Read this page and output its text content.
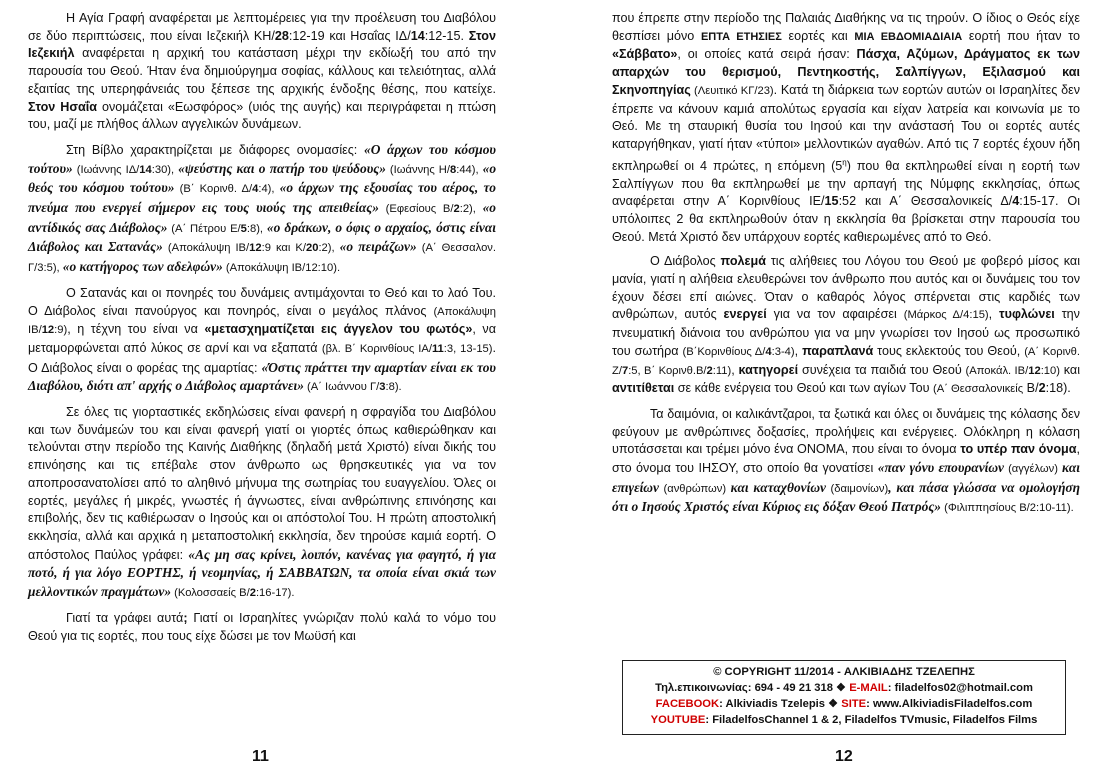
Η Αγία Γραφή αναφέρεται με λεπτομέρειες για την προέλευση του Διαβόλου σε δύο περιπτώσεις, που είναι Ιεζεκιήλ ΚΗ/28:12-19 και Ησαΐας ΙΔ/14:12-15. Στον Ιεζεκιήλ αναφέρεται η αρχική του κατάσταση μέχρι την εκδίωξή του από την παρουσία του Θεού. Ήταν ένα δημιούργημα σοφίας, κάλλους και τελειότητας, αλλά εξαιτίας της υπερηφάνειάς του ξέπεσε της αρχικής ένδοξης θέσης, που κατείχε. Στον Ησαΐα ονομάζεται «Εωσφόρος» (υιός της αυγής) και περιγράφεται η πτώση του, μαζί με πλήθος άλλων αγγελικών δυνάμεων.

Στη Βίβλο χαρακτηρίζεται με διάφορες ονομασίες: «Ο άρχων του κόσμου τούτου» (Ιωάννης ΙΔ/14:30), «ψεύστης και ο πατήρ του ψεύδους» (Ιωάννης Η/8:44), «ο θεός του κόσμου τούτου» (Β΄ Κορινθ. Δ/4:4), «ο άρχων της εξουσίας του αέρος, το πνεύμα που ενεργεί σήμερον εις τους υιούς της απειθείας» (Εφεσίους Β/2:2), «ο αντίδικός σας Διάβολος» (Α΄ Πέτρου Ε/5:8), «ο δράκων, ο όφις ο αρχαίος, όστις είναι Διάβολος και Σατανάς» (Αποκάλυψη ΙΒ/12:9 και Κ/20:2), «ο πειράζων» (Α΄ Θεσσαλον. Γ/3:5), «ο κατήγορος των αδελφών» (Αποκάλυψη ΙΒ/12:10).

Ο Σατανάς και οι πονηρές του δυνάμεις αντιμάχονται το Θεό και το λαό Του. Ο Διάβολος είναι πανούργος και πονηρός, είναι ο μεγάλος πλάνος (Αποκάλυψη ΙΒ/12:9), η τέχνη του είναι να «μετασχηματίζεται εις άγγελον του φωτός», να μεταμορφώνεται από λύκος σε αρνί και να εξαπατά (βλ. Β΄ Κορινθίους ΙΑ/11:3, 13-15). Ο Διάβολος είναι ο φορέας της αμαρτίας: «Όστις πράττει την αμαρτίαν είναι εκ του Διαβόλου, διότι απ' αρχής ο Διάβολος αμαρτάνει» (Α΄ Ιωάννου Γ/3:8).

Σε όλες τις γιορταστικές εκδηλώσεις είναι φανερή η σφραγίδα του Διαβόλου και των δυνάμεών του και είναι φανερή γιατί οι γιορτές όπως καθιερώθηκαν και τελούνται στην περίοδο της Καινής Διαθήκης (δηλαδή μετά Χριστό) είναι δικής του επινόησης και τις επέβαλε στον άνθρωπο ως θρησκευτικές για να τον αποπροσανατολίσει από το αληθινό μήνυμα της σωτηρίας του ευαγγελίου. Όλες οι εορτές, μεγάλες ή μικρές, γνωστές ή άγνωστες, είναι ανθρώπινης επινόησης και επιβολής, δεν τις καθιέρωσαν ο Ιησούς και οι απόστολοί Του. Η πρώτη αποστολική εκκλησία, αλλά και αρχικά η μεταποστολική εκκλησία, δεν τηρούσε καμιά εορτή. Ο απόστολος Παύλος γράφει: «Ας μη σας κρίνει, λοιπόν, κανένας για φαγητό, ή για ποτό, ή για λόγο ΕΟΡΤΗΣ, ή νεομηνίας, ή ΣΑΒΒΑΤΩΝ, τα οποία είναι σκιά των μελλοντικών πραγμάτων» (Κολοσσαείς Β/2:16-17).

Γιατί τα γράφει αυτά; Γιατί οι Ισραηλίτες γνώριζαν πολύ καλά το νόμο του Θεού για τις εορτές, που τους είχε δώσει με τον Μωϋσή και

11

που έπρεπε στην περίοδο της Παλαιάς Διαθήκης να τις τηρούν. Ο ίδιος ο Θεός είχε θεσπίσει μόνο ΕΠΤΑ ΕΤΗΣΙΕΣ εορτές και ΜΙΑ ΕΒΔΟΜΙΑΔΙΑΙΑ εορτή που ήταν το «Σάββατο», οι οποίες κατά σειρά ήσαν: Πάσχα, Αζύμων, Δράγματος εκ των απαρχών του θερισμού, Πεντηκοστής, Σαλπίγγων, Εξιλασμού και Σκηνοπηγίας (Λευιτικό ΚΓ/23). Κατά τη διάρκεια των εορτών αυτών οι Ισραηλίτες δεν έπρεπε να κάνουν καμιά απολύτως εργασία και είχαν λατρεία και κοινωνία με το Θεό. Με τη σταυρική θυσία του Ιησού και την ανάστασή Του οι εορτές αυτές καταργήθηκαν, γιατί ήταν «τύποι» μελλοντικών αγαθών. Από τις 7 εορτές έχουν ήδη εκπληρωθεί οι 4 πρώτες, η επόμενη $(5^\eta)$ που θα εκπληρωθεί είναι η εορτή των Σαλπίγγων που θα εκπληρωθεί με την αρπαγή της Νύμφης εκκλησίας, όπως αναφέρεται στην Α΄ Κορινθίους ΙΕ/15:52 και Α΄ Θεσσαλονικείς Δ/4:15-17. Οι υπόλοιπες 2 θα εκπληρωθούν όταν η εκκλησία θα βρίσκεται στην παρουσία του Θεού. Μετά Χριστό δεν υπάρχουν εορτές καθιερωμένες από το Θεό.

Ο Διάβολος πολεμά τις αλήθειες του Λόγου του Θεού με φοβερό μίσος και μανία, γιατί η αλήθεια ελευθερώνει τον άνθρωπο που αυτός και οι δυνάμεις του τον έχουν δέσει επί αιώνες. Όταν ο καθαρός λόγος σπέρνεται στις καρδιές των ανθρώπων, αυτός ενεργεί για να τον αφαιρέσει (Μάρκος Δ/4:15), τυφλώνει την πνευματική διάνοια του ανθρώπου για να μην γνωρίσει τον Ιησού ως προσωπικό του σωτήρα (Β΄Κορινθίους Δ/4:3-4), παραπλανά τους εκλεκτούς του Θεού, (Α΄ Κορινθ. Ζ/7:5, Β΄ Κορινθ.Β/2:11), κατηγορεί συνέχεια τα παιδιά του Θεού (Αποκάλ. ΙΒ/12:10) και αντιτίθεται σε κάθε ενέργεια του Θεού και των αγίων Του (Α΄ Θεσσαλονικείς Β/2:18).

Τα δαιμόνια, οι καλικάντζαροι, τα ξωτικά και όλες οι δυνάμεις της κόλασης δεν φεύγουν με ανθρώπινες δοξασίες, προλήψεις και ενέργειες. Ολόκληρη η κόλαση υποτάσσεται και τρέμει μόνο ένα ΟΝΟΜΑ, που είναι το όνομα το υπέρ παν όνομα, στο όνομα του ΙΗΣΟΥ, στο οποίο θα γονατίσει «παν γόνυ επουρανίων (αγγέλων) και επιγείων (ανθρώπων) και καταχθονίων (δαιμονίων), και πάσα γλώσσα να ομολογήση ότι ο Ιησούς Χριστός είναι Κύριος εις δόξαν Θεού Πατρός» (Φιλιππησίους Β/2:10-11).

© COPYRIGHT 11/2014 - ΑΛΚΙΒΙΑΔΗΣ ΤΖΕΛΕΠΗΣ
Τηλ.επικοινωνίας: 694 - 49 21 318 ❖ E-MAIL: filadelfos02@hotmail.com
FACEBOOK: Alkiviadis Tzelepis ❖ SITE: www.AlkiviadisFiladelfos.com
YOUTUBE: FiladelfosChannel 1 & 2, Filadelfos TVmusic, Filadelfos Films
12
